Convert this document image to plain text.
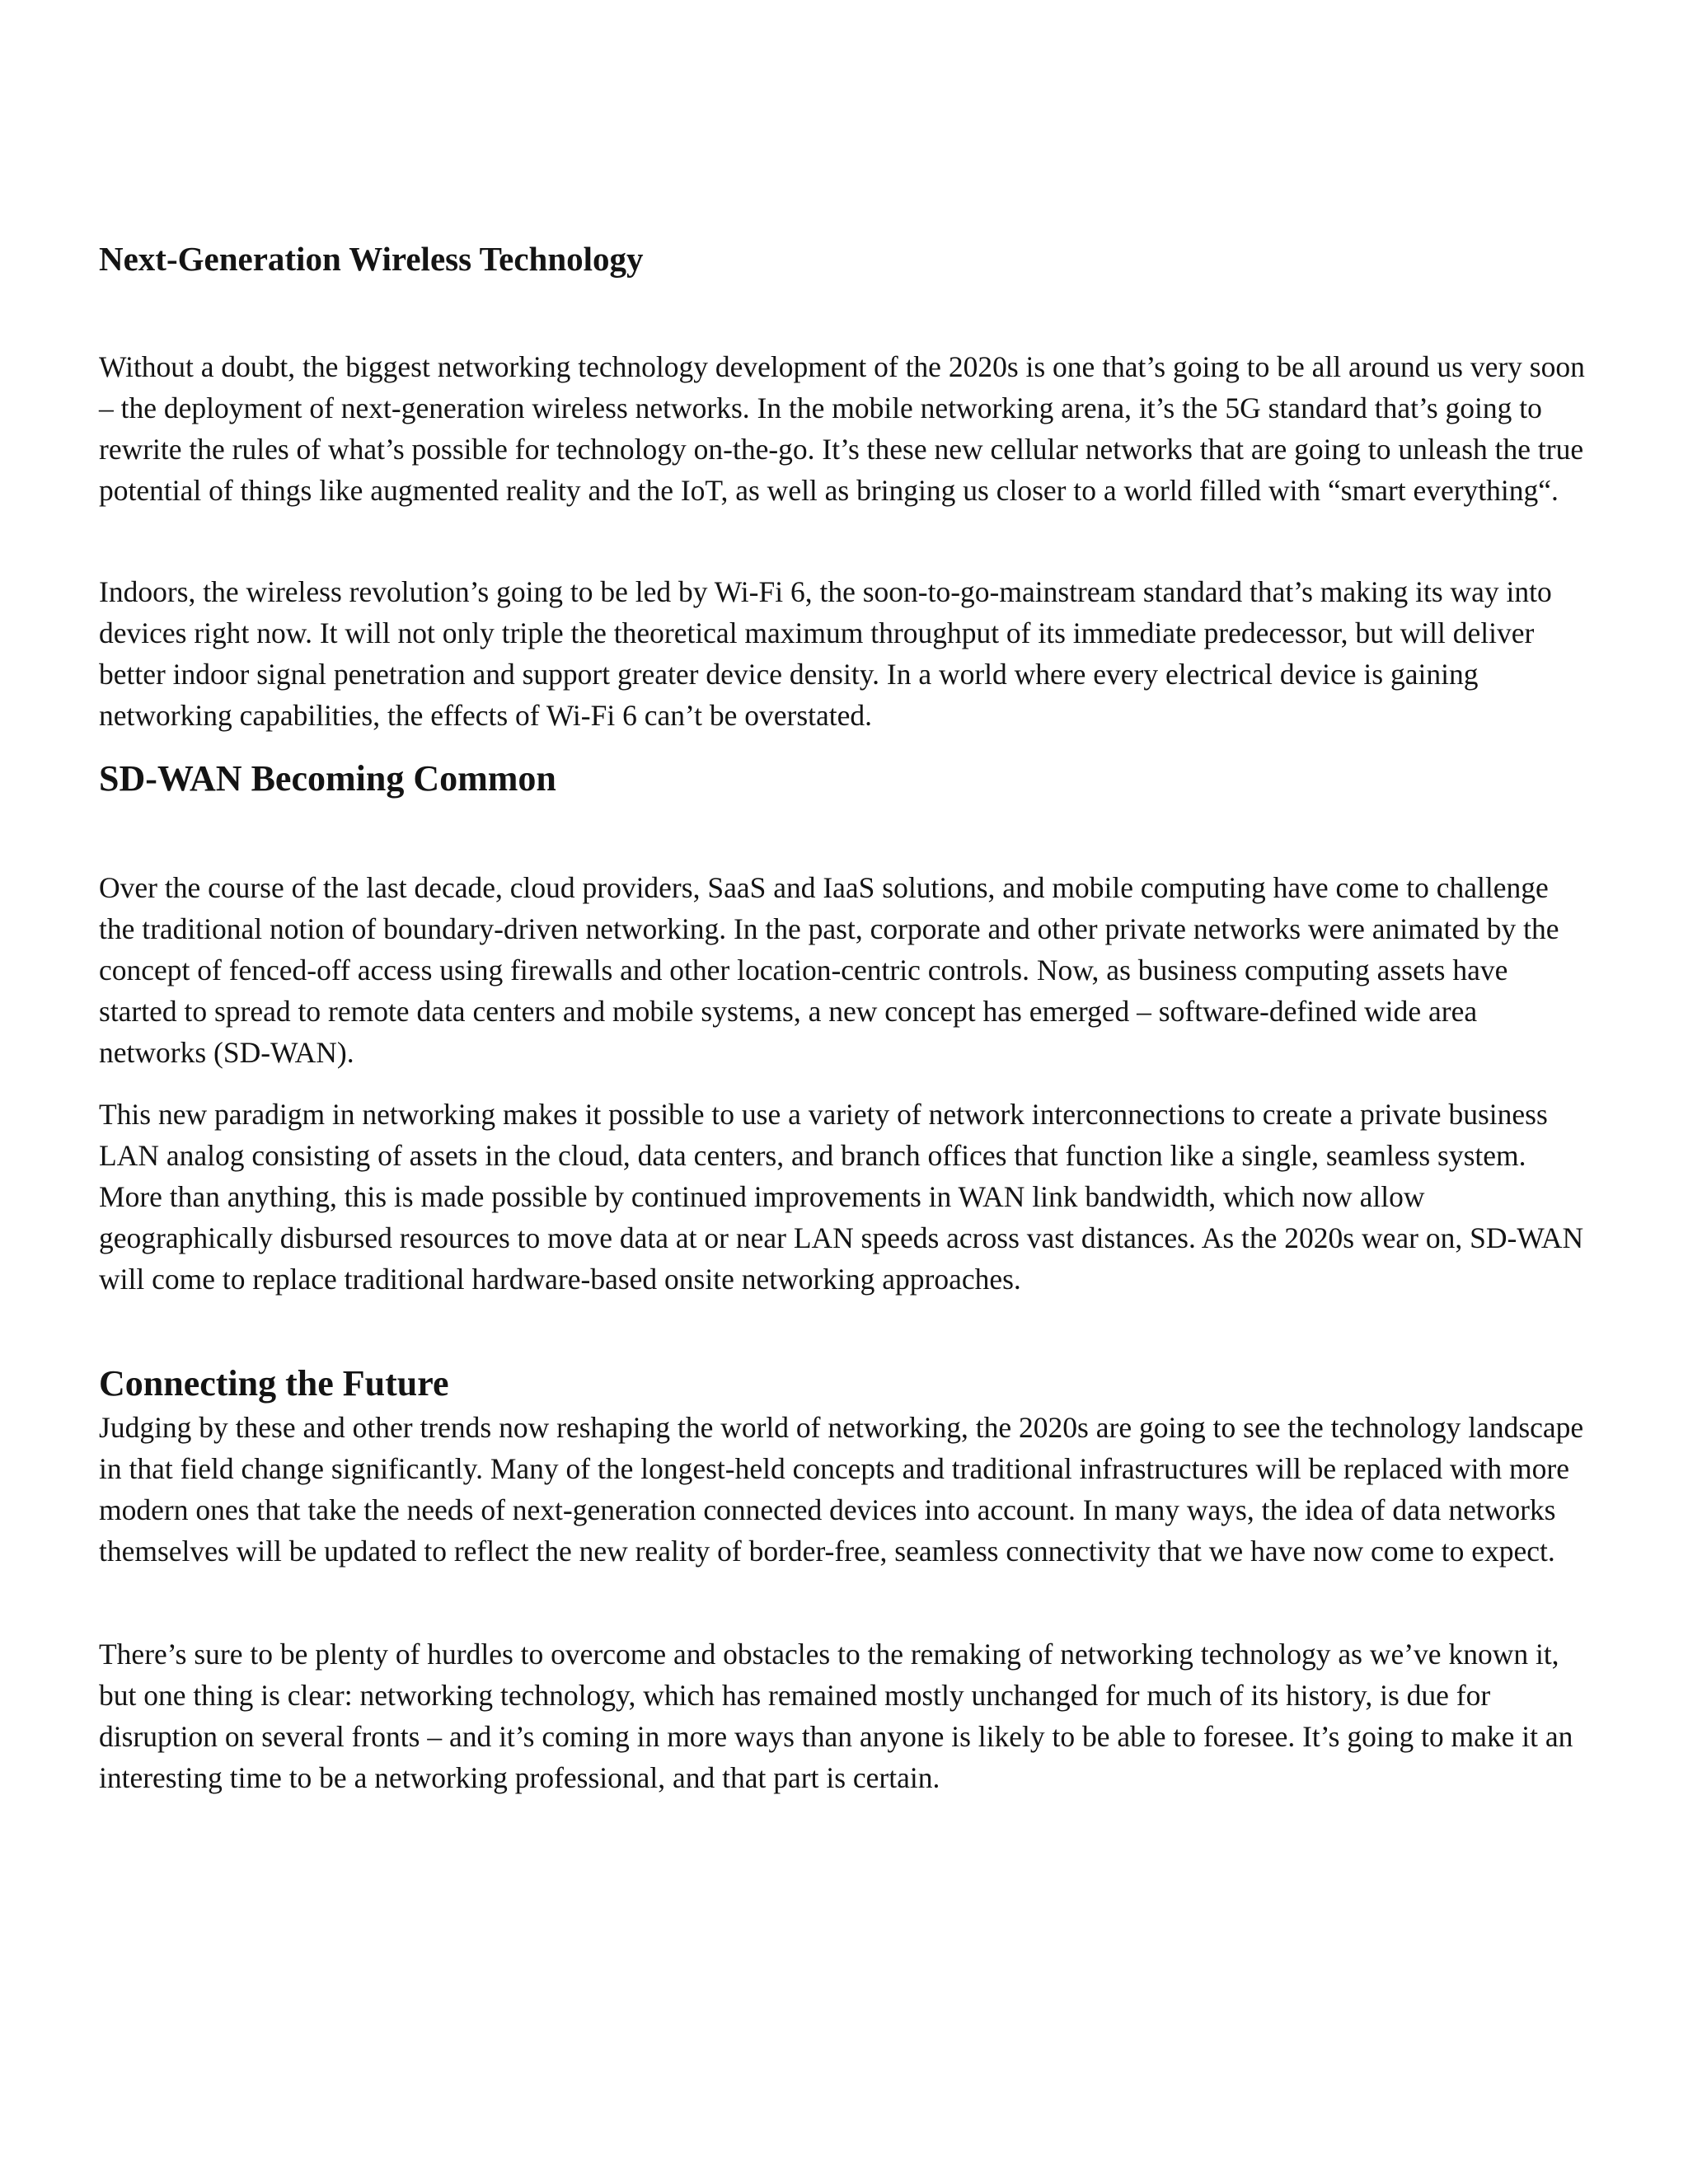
Next-Generation Wireless Technology

Without a doubt, the biggest networking technology development of the 2020s is one that’s going to be all around us very soon – the deployment of next-generation wireless networks. In the mobile networking arena, it’s the 5G standard that’s going to rewrite the rules of what’s possible for technology on-the-go. It’s these new cellular networks that are going to unleash the true potential of things like augmented reality and the IoT, as well as bringing us closer to a world filled with “smart everything“.

Indoors, the wireless revolution’s going to be led by Wi-Fi 6, the soon-to-go-mainstream standard that’s making its way into devices right now. It will not only triple the theoretical maximum throughput of its immediate predecessor, but will deliver better indoor signal penetration and support greater device density. In a world where every electrical device is gaining networking capabilities, the effects of Wi-Fi 6 can’t be overstated.

SD-WAN Becoming Common

Over the course of the last decade, cloud providers, SaaS and IaaS solutions, and mobile computing have come to challenge the traditional notion of boundary-driven networking. In the past, corporate and other private networks were animated by the concept of fenced-off access using firewalls and other location-centric controls. Now, as business computing assets have started to spread to remote data centers and mobile systems, a new concept has emerged – software-defined wide area networks (SD-WAN).

This new paradigm in networking makes it possible to use a variety of network interconnections to create a private business LAN analog consisting of assets in the cloud, data centers, and branch offices that function like a single, seamless system. More than anything, this is made possible by continued improvements in WAN link bandwidth, which now allow geographically disbursed resources to move data at or near LAN speeds across vast distances. As the 2020s wear on, SD-WAN will come to replace traditional hardware-based onsite networking approaches.

Connecting the Future

Judging by these and other trends now reshaping the world of networking, the 2020s are going to see the technology landscape in that field change significantly. Many of the longest-held concepts and traditional infrastructures will be replaced with more modern ones that take the needs of next-generation connected devices into account. In many ways, the idea of data networks themselves will be updated to reflect the new reality of border-free, seamless connectivity that we have now come to expect.

There’s sure to be plenty of hurdles to overcome and obstacles to the remaking of networking technology as we’ve known it, but one thing is clear: networking technology, which has remained mostly unchanged for much of its history, is due for disruption on several fronts – and it’s coming in more ways than anyone is likely to be able to foresee. It’s going to make it an interesting time to be a networking professional, and that part is certain.
